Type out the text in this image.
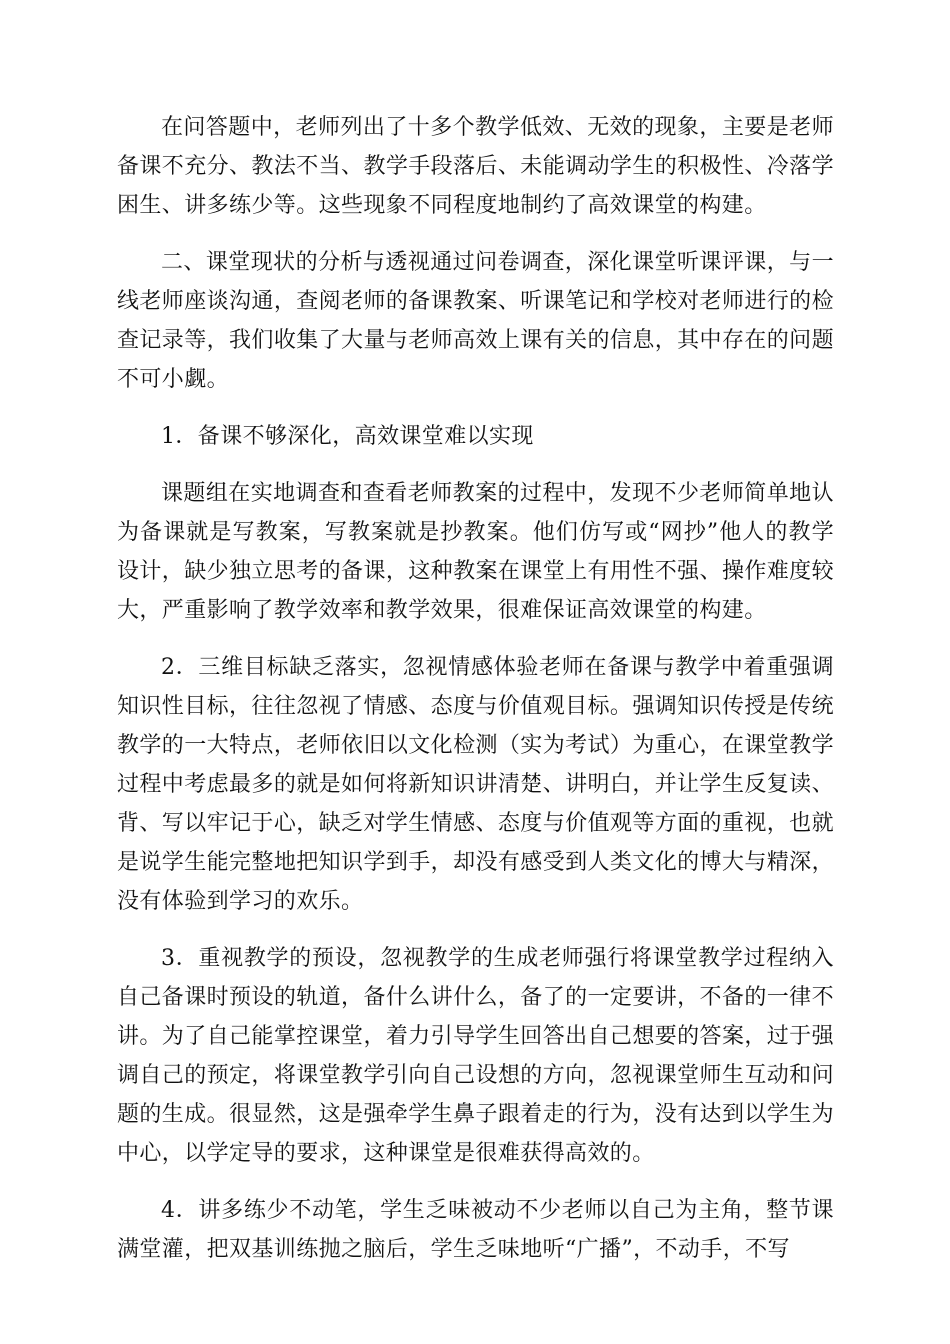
在问答题中，老师列出了十多个教学低效、无效的现象，主要是老师备课不充分、教法不当、教学手段落后、未能调动学生的积极性、冷落学困生、讲多练少等。这些现象不同程度地制约了高效课堂的构建。

二、课堂现状的分析与透视通过问卷调查，深化课堂听课评课，与一线老师座谈沟通，查阅老师的备课教案、听课笔记和学校对老师进行的检查记录等，我们收集了大量与老师高效上课有关的信息，其中存在的问题不可小觑。

1．备课不够深化，高效课堂难以实现

课题组在实地调查和查看老师教案的过程中，发现不少老师简单地认为备课就是写教案，写教案就是抄教案。他们仿写或“网抄”他人的教学设计，缺少独立思考的备课，这种教案在课堂上有用性不强、操作难度较大，严重影响了教学效率和教学效果，很难保证高效课堂的构建。

2．三维目标缺乏落实，忽视情感体验老师在备课与教学中着重强调知识性目标，往往忽视了情感、态度与价值观目标。强调知识传授是传统教学的一大特点，老师依旧以文化检测（实为考试）为重心，在课堂教学过程中考虑最多的就是如何将新知识讲清楚、讲明白，并让学生反复读、背、写以牢记于心，缺乏对学生情感、态度与价值观等方面的重视，也就是说学生能完整地把知识学到手，却没有感受到人类文化的博大与精深，没有体验到学习的欢乐。

3．重视教学的预设，忽视教学的生成老师强行将课堂教学过程纳入自己备课时预设的轨道，备什么讲什么，备了的一定要讲，不备的一律不讲。为了自己能掌控课堂，着力引导学生回答出自己想要的答案，过于强调自己的预定，将课堂教学引向自己设想的方向，忽视课堂师生互动和问题的生成。很显然，这是强牵学生鼻子跟着走的行为，没有达到以学生为中心，以学定导的要求，这种课堂是很难获得高效的。

4．讲多练少不动笔，学生乏味被动不少老师以自己为主角，整节课满堂灌，把双基训练抛之脑后，学生乏味地听“广播”，不动手，不写
